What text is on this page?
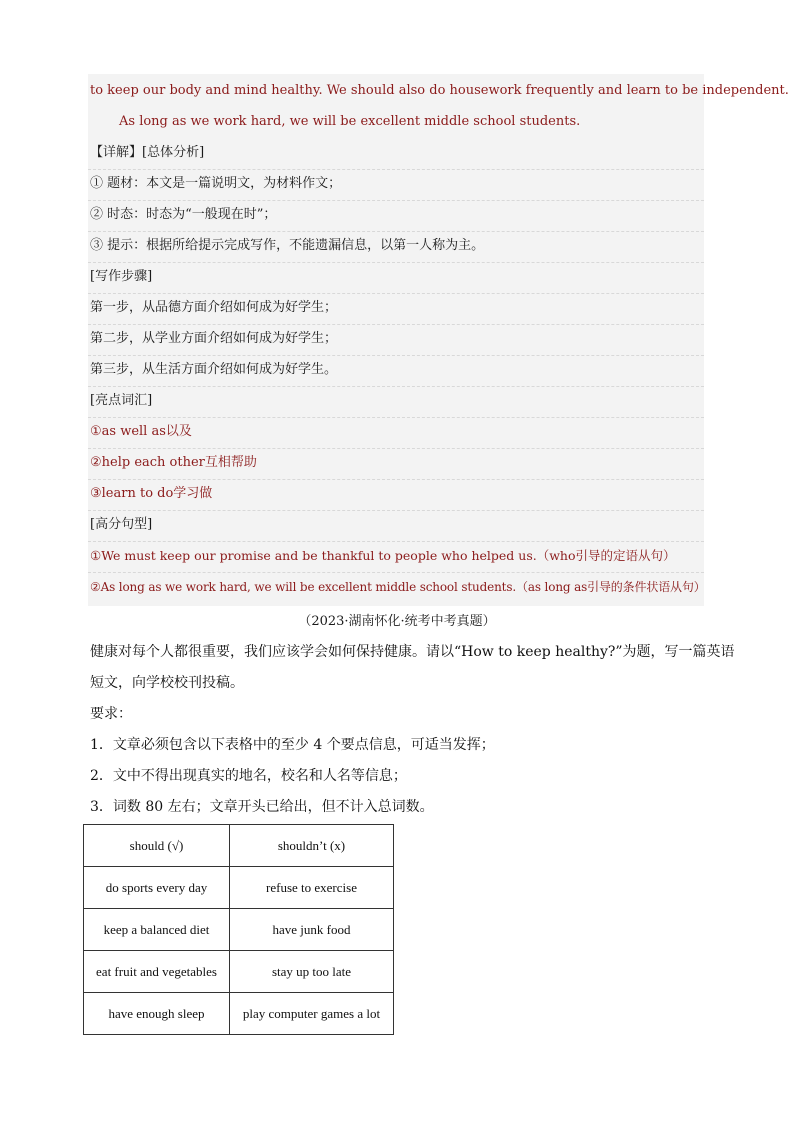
to keep our body and mind healthy. We should also do housework frequently and learn to be independent.
As long as we work hard, we will be excellent middle school students.
【详解】[总体分析]
① 题材：本文是一篇说明文，为材料作文；
② 时态：时态为“一般现在时”；
③ 提示：根据所给提示完成写作，不能遗漏信息，以第一人称为主。
[写作步骤]
第一步，从品德方面介绍如何成为好学生；
第二步，从学业方面介绍如何成为好学生；
第三步，从生活方面介绍如何成为好学生。
[亮点词汇]
①as well as以及
②help each other互相帮助
③learn to do学习做
[高分句型]
①We must keep our promise and be thankful to people who helped us.（who引导的定语从句）
②As long as we work hard, we will be excellent middle school students.（as long as引导的条件状语从句）
（2023·湖南怀化·统考中考真题）
健康对每个人都很重要，我们应该学会如何保持健康。请以“How to keep healthy?”为题，写一篇英语
短文，向学校校刊投稿。
要求：
1．文章必须包含以下表格中的至少 4 个要点信息，可适当发挥；
2．文中不得出现真实的地名，校名和人名等信息；
3．词数 80 左右；文章开头已给出，但不计入总词数。
should (√)	shouldn’t (x)
do sports every day	refuse to exercise
keep a balanced diet	have junk food
eat fruit and vegetables	stay up too late
have enough sleep	play computer games a lot
